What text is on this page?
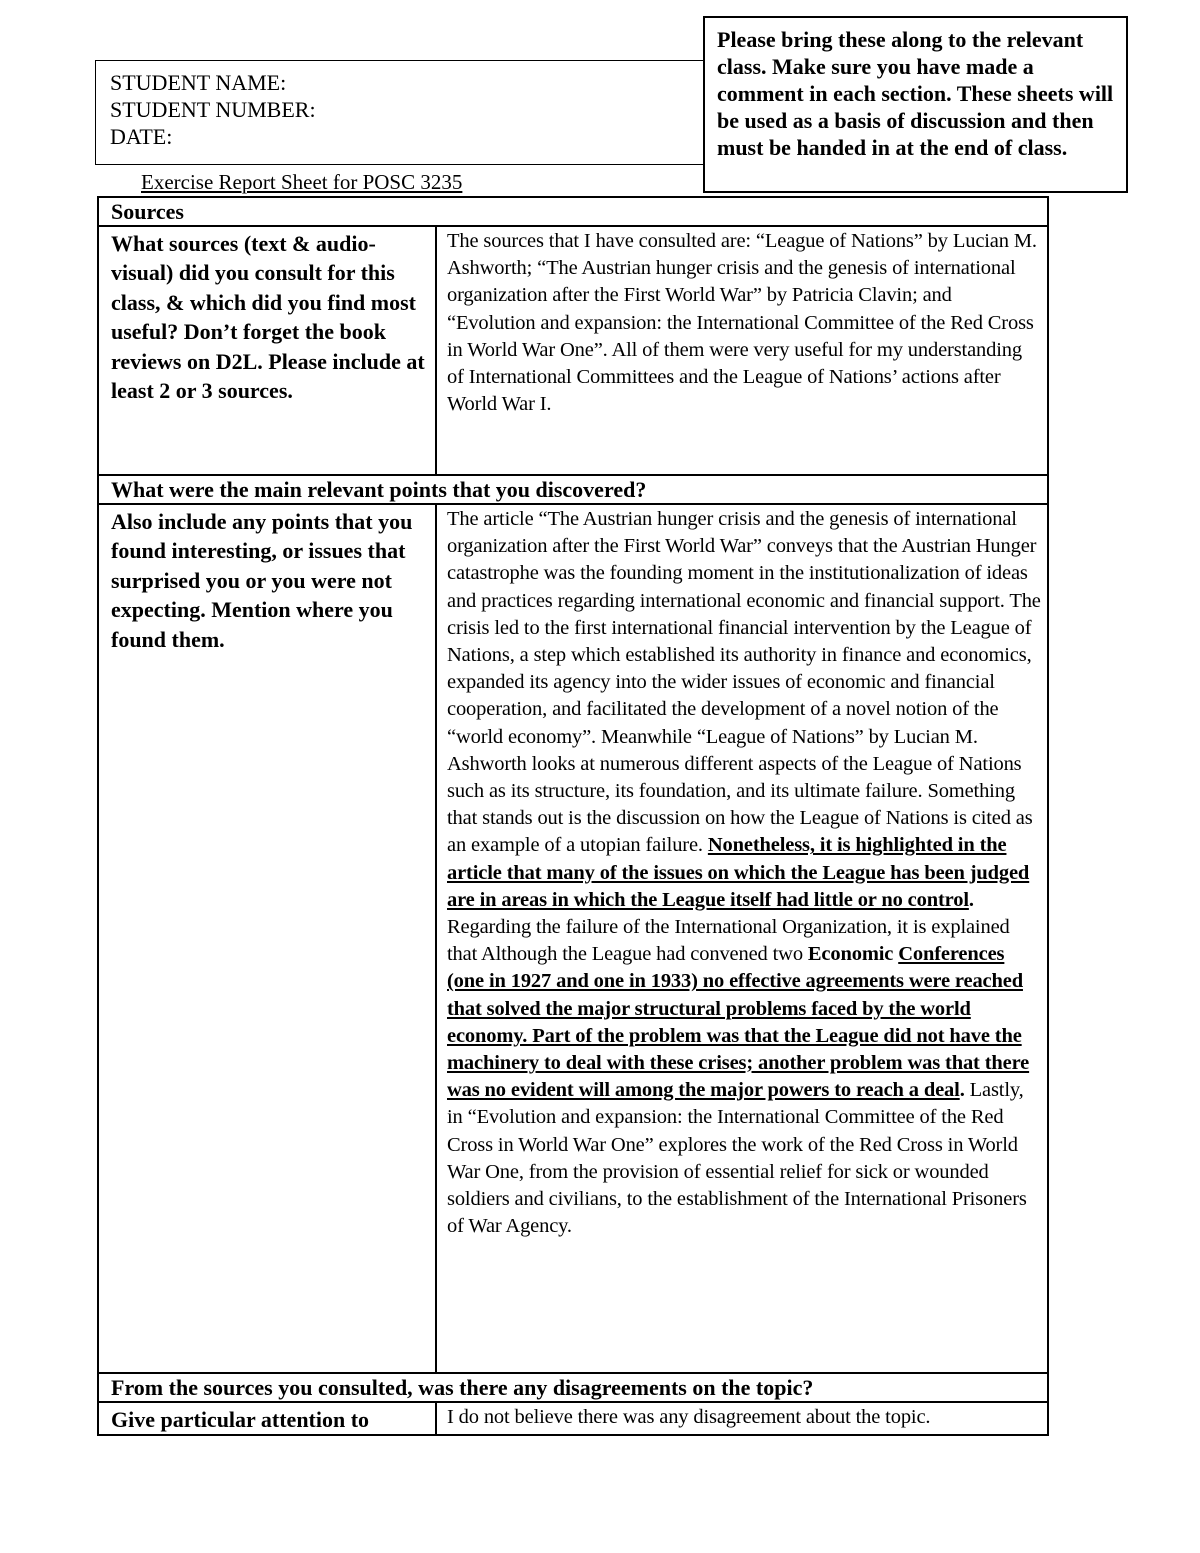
STUDENT NAME:
STUDENT NUMBER:
DATE:
Please bring these along to the relevant class. Make sure you have made a comment in each section. These sheets will be used as a basis of discussion and then must be handed in at the end of class.
Exercise Report Sheet for POSC 3235
Sources	
What sources (text & audio-visual) did you consult for this class, & which did you find most useful? Don’t forget the book reviews on D2L. Please include at least 2 or 3 sources.	The sources that I have consulted are: “League of Nations” by Lucian M. Ashworth; “The Austrian hunger crisis and the genesis of international organization after the First World War” by Patricia Clavin; and “Evolution and expansion: the International Committee of the Red Cross in World War One”. All of them were very useful for my understanding of International Committees and the League of Nations’ actions after World War I.
What were the main relevant points that you discovered?	
Also include any points that you found interesting, or issues that surprised you or you were not expecting. Mention where you found them.	The article “The Austrian hunger crisis and the genesis of international organization after the First World War” conveys that the Austrian Hunger catastrophe was the founding moment in the institutionalization of ideas and practices regarding international economic and financial support. The crisis led to the first international financial intervention by the League of Nations, a step which established its authority in finance and economics, expanded its agency into the wider issues of economic and financial cooperation, and facilitated the development of a novel notion of the “world economy”. Meanwhile “League of Nations” by Lucian M. Ashworth looks at numerous different aspects of the League of Nations such as its structure, its foundation, and its ultimate failure. Something that stands out is the discussion on how the League of Nations is cited as an example of a utopian failure. Nonetheless, it is highlighted in the article that many of the issues on which the League has been judged are in areas in which the League itself had little or no control. Regarding the failure of the International Organization, it is explained that Although the League had convened two Economic Conferences (one in 1927 and one in 1933) no effective agreements were reached that solved the major structural problems faced by the world economy. Part of the problem was that the League did not have the machinery to deal with these crises; another problem was that there was no evident will among the major powers to reach a deal. Lastly, in “Evolution and expansion: the International Committee of the Red Cross in World War One” explores the work of the Red Cross in World War One, from the provision of essential relief for sick or wounded soldiers and civilians, to the establishment of the International Prisoners of War Agency.
From the sources you consulted, was there any disagreements on the topic?	
Give particular attention to	I do not believe there was any disagreement about the topic.
